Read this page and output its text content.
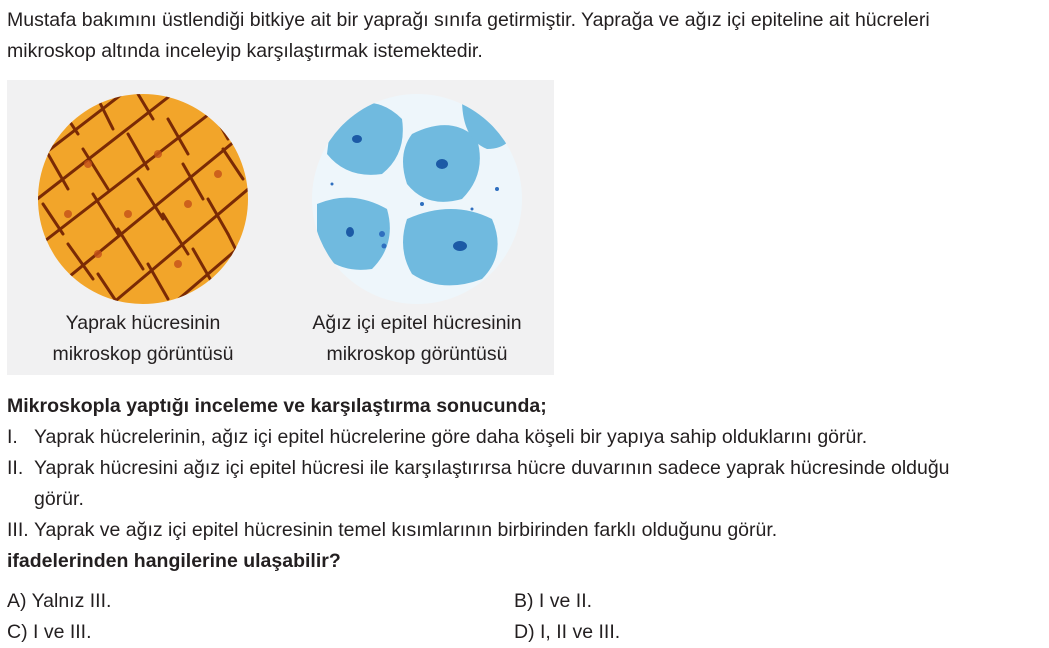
Mustafa bakımını üstlendiği bitkiye ait bir yaprağı sınıfa getirmiştir. Yaprağa ve ağız içi epiteline ait hücreleri
mikroskop altında inceleyip karşılaştırmak istemektedir.
Yaprak hücresinin
mikroskop görüntüsü
Ağız içi epitel hücresinin
mikroskop görüntüsü
Mikroskopla yaptığı inceleme ve karşılaştırma sonucunda;
I. Yaprak hücrelerinin, ağız içi epitel hücrelerine göre daha köşeli bir yapıya sahip olduklarını görür.
II. Yaprak hücresini ağız içi epitel hücresi ile karşılaştırırsa hücre duvarının sadece yaprak hücresinde olduğu
görür.
III. Yaprak ve ağız içi epitel hücresinin temel kısımlarının birbirinden farklı olduğunu görür.
ifadelerinden hangilerine ulaşabilir?
A) Yalnız III.	B) I ve II.
C) I ve III.	D) I, II ve III.
